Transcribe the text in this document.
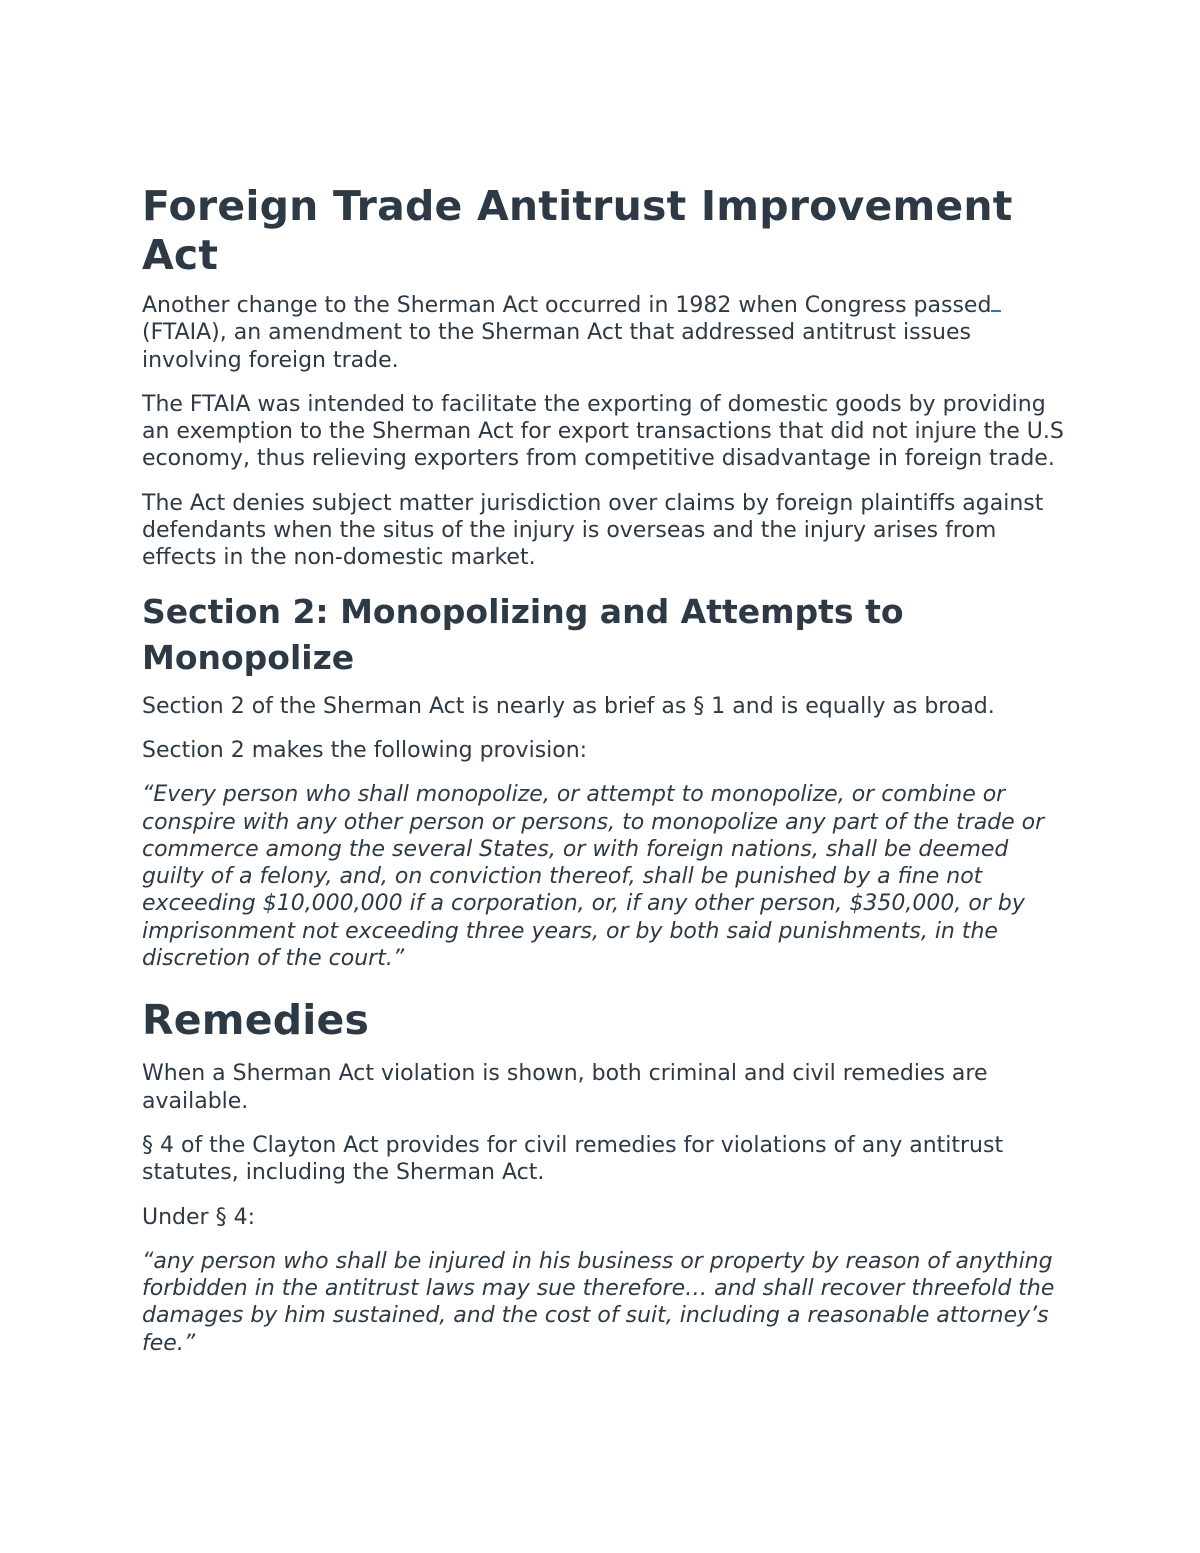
Foreign Trade Antitrust Improvement Act

Another change to the Sherman Act occurred in 1982 when Congress passed (FTAIA), an amendment to the Sherman Act that addressed antitrust issues involving foreign trade.

The FTAIA was intended to facilitate the exporting of domestic goods by providing an exemption to the Sherman Act for export transactions that did not injure the U.S economy, thus relieving exporters from competitive disadvantage in foreign trade.

The Act denies subject matter jurisdiction over claims by foreign plaintiffs against defendants when the situs of the injury is overseas and the injury arises from effects in the non-domestic market.

Section 2: Monopolizing and Attempts to Monopolize

Section 2 of the Sherman Act is nearly as brief as § 1 and is equally as broad.

Section 2 makes the following provision:

“Every person who shall monopolize, or attempt to monopolize, or combine or conspire with any other person or persons, to monopolize any part of the trade or commerce among the several States, or with foreign nations, shall be deemed guilty of a felony, and, on conviction thereof, shall be punished by a fine not exceeding $10,000,000 if a corporation, or, if any other person, $350,000, or by imprisonment not exceeding three years, or by both said punishments, in the discretion of the court.”

Remedies

When a Sherman Act violation is shown, both criminal and civil remedies are available.

§ 4 of the Clayton Act provides for civil remedies for violations of any antitrust statutes, including the Sherman Act.

Under § 4:

“any person who shall be injured in his business or property by reason of anything forbidden in the antitrust laws may sue therefore… and shall recover threefold the damages by him sustained, and the cost of suit, including a reasonable attorney’s fee.”
